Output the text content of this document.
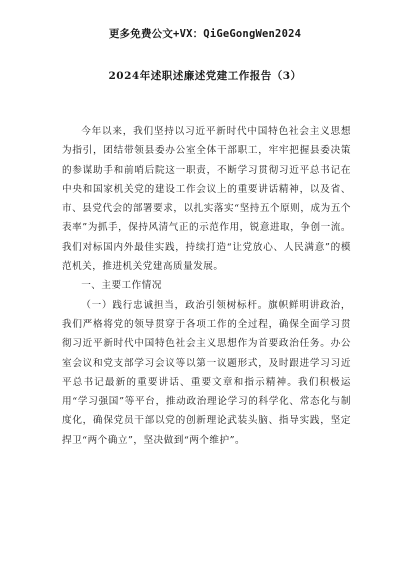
更多免费公文+VX：QiGeGongWen2024
2024年述职述廉述党建工作报告（3）

今年以来，我们坚持以习近平新时代中国特色社会主义思想为指引，团结带领县委办公室全体干部职工，牢牢把握县委决策的参谋助手和前哨后院这一职责，不断学习贯彻习近平总书记在中央和国家机关党的建设工作会议上的重要讲话精神，以及省、市、县党代会的部署要求，以扎实落实“坚持五个原则，成为五个表率”为抓手，保持风清气正的示范作用，锐意进取，争创一流。我们对标国内外最佳实践，持续打造“让党放心、人民满意”的模范机关，推进机关党建高质量发展。

一、主要工作情况

（一）践行忠诚担当，政治引领树标杆。旗帜鲜明讲政治，我们严格将党的领导贯穿于各项工作的全过程，确保全面学习贯彻习近平新时代中国特色社会主义思想作为首要政治任务。办公室会议和党支部学习会议等以第一议题形式，及时跟进学习习近平总书记最新的重要讲话、重要文章和指示精神。我们积极运用“学习强国”等平台，推动政治理论学习的科学化、常态化与制度化，确保党员干部以党的创新理论武装头脑、指导实践，坚定捍卫“两个确立”，坚决做到“两个维护”。
